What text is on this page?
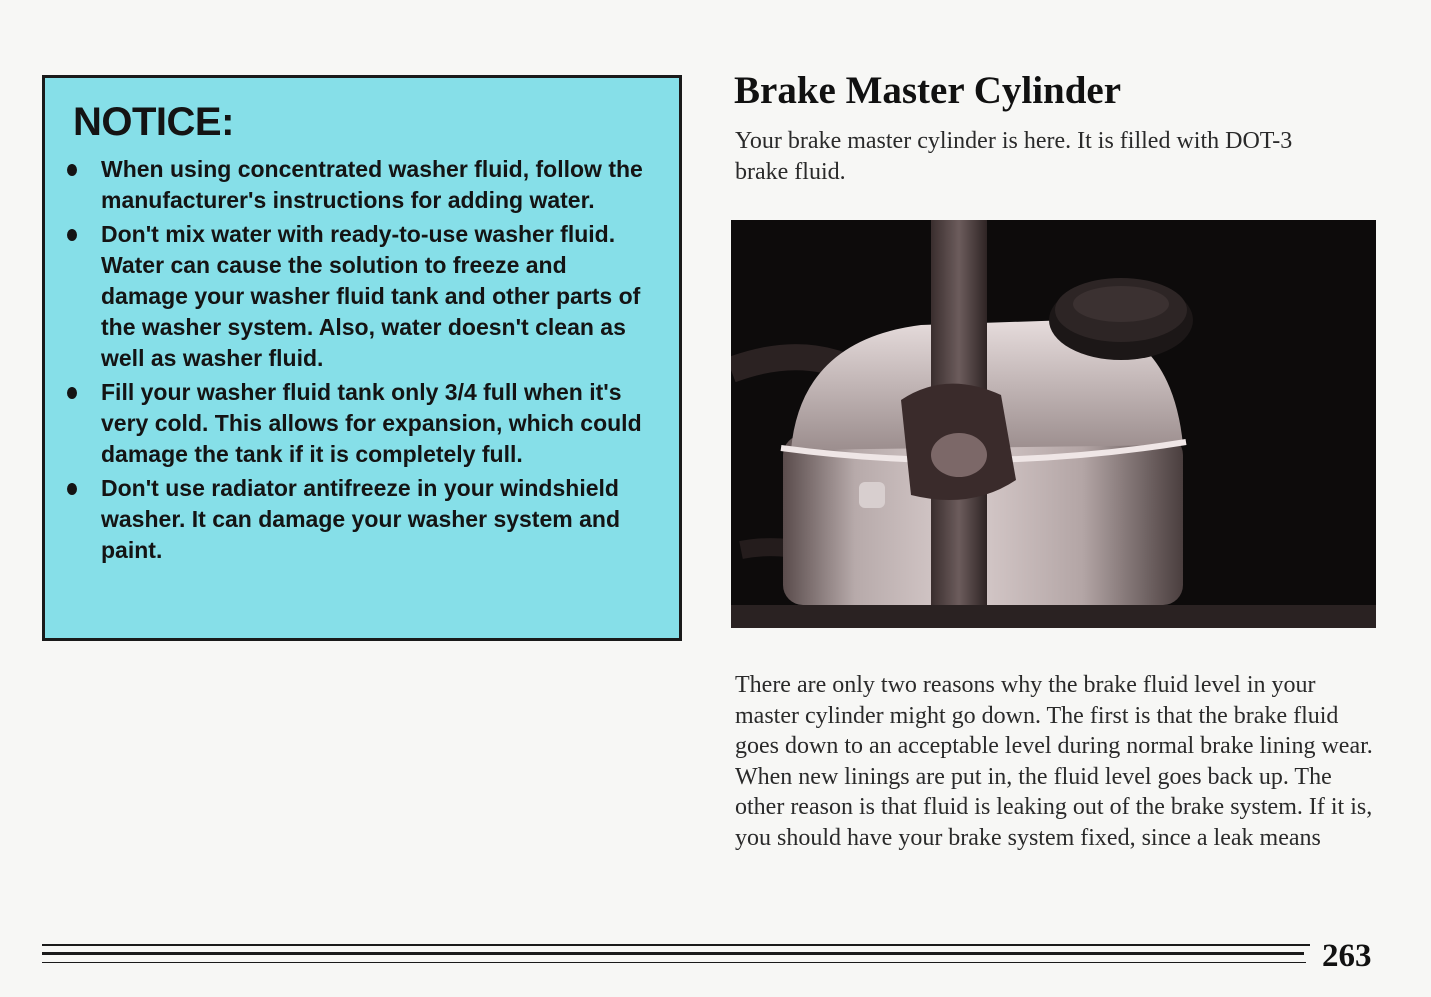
NOTICE:
When using concentrated washer fluid, follow the manufacturer's instructions for adding water.
Don't mix water with ready-to-use washer fluid. Water can cause the solution to freeze and damage your washer fluid tank and other parts of the washer system. Also, water doesn't clean as well as washer fluid.
Fill your washer fluid tank only 3/4 full when it's very cold. This allows for expansion, which could damage the tank if it is completely full.
Don't use radiator antifreeze in your windshield washer. It can damage your washer system and paint.
Brake Master Cylinder

Your brake master cylinder is here. It is filled with DOT-3 brake fluid.

There are only two reasons why the brake fluid level in your master cylinder might go down. The first is that the brake fluid goes down to an acceptable level during normal brake lining wear. When new linings are put in, the fluid level goes back up. The other reason is that fluid is leaking out of the brake system. If it is, you should have your brake system fixed, since a leak means

263
